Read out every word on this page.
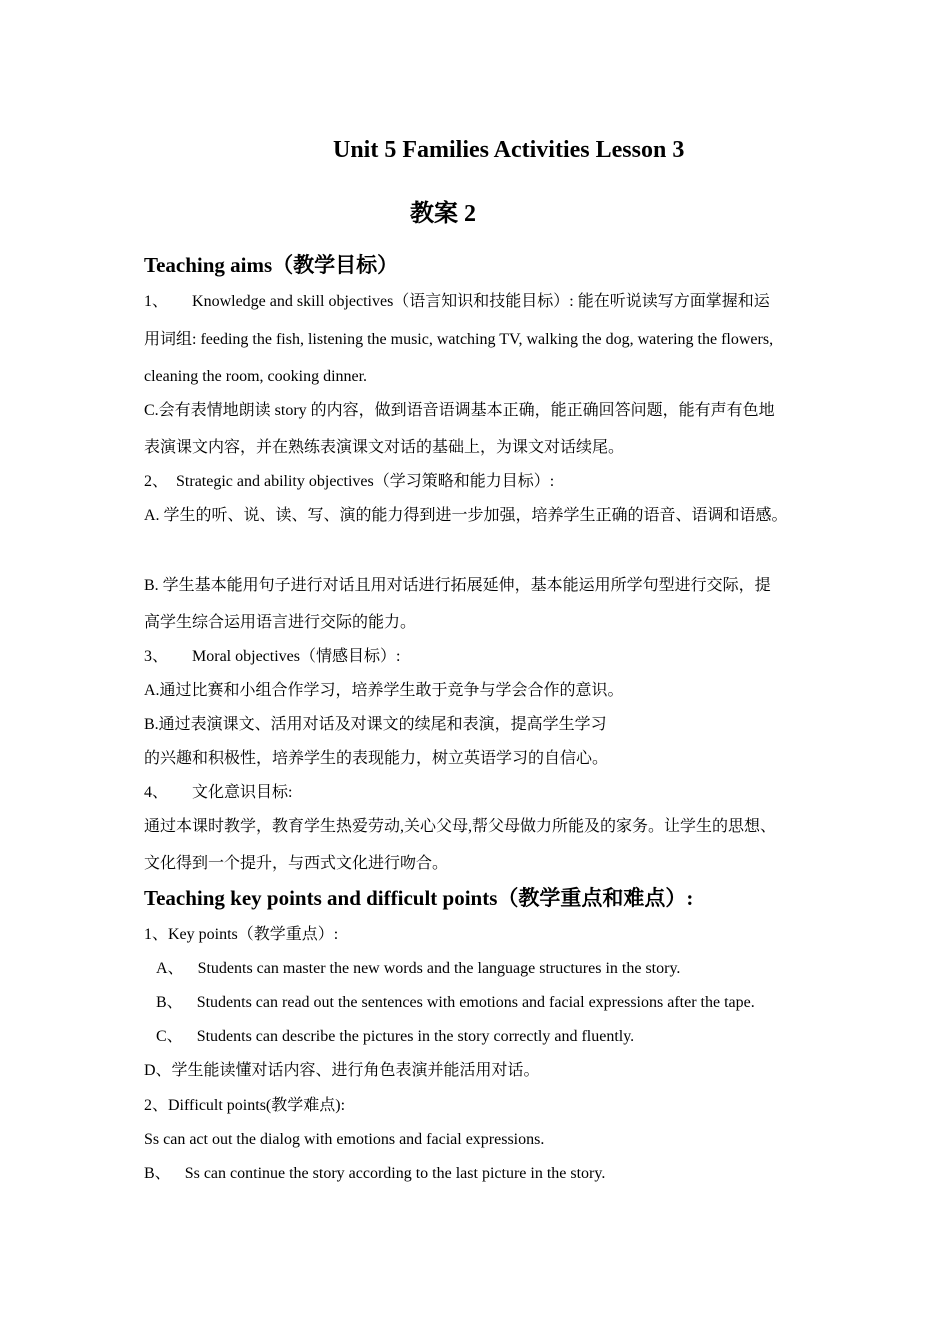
Unit 5 Families Activities Lesson 3
教案 2
Teaching aims（教学目标）
1、 Knowledge and skill objectives（语言知识和技能目标）: 能在听说读写方面掌握和运
用词组: feeding the fish, listening the music, watching TV, walking the dog, watering the flowers,
cleaning the room, cooking dinner.
C.会有表情地朗读 story 的内容，做到语音语调基本正确，能正确回答问题，能有声有色地
表演课文内容，并在熟练表演课文对话的基础上，为课文对话续尾。
2、 Strategic and ability objectives（学习策略和能力目标）:
A. 学生的听、说、读、写、演的能力得到进一步加强，培养学生正确的语音、语调和语感。
B. 学生基本能用句子进行对话且用对话进行拓展延伸，基本能运用所学句型进行交际，提
高学生综合运用语言进行交际的能力。
3、 Moral objectives（情感目标）:
A.通过比赛和小组合作学习，培养学生敢于竞争与学会合作的意识。
B.通过表演课文、活用对话及对课文的续尾和表演，提高学生学习
的兴趣和积极性，培养学生的表现能力，树立英语学习的自信心。
4、 文化意识目标:
通过本课时教学，教育学生热爱劳动,关心父母,帮父母做力所能及的家务。让学生的思想、
文化得到一个提升，与西式文化进行吻合。
Teaching key points and difficult points（教学重点和难点）:
1、Key points（教学重点）:
A、 Students can master the new words and the language structures in the story.
B、 Students can read out the sentences with emotions and facial expressions after the tape.
C、 Students can describe the pictures in the story correctly and fluently.
D、学生能读懂对话内容、进行角色表演并能活用对话。
2、Difficult points(教学难点):
Ss can act out the dialog with emotions and facial expressions.
B、 Ss can continue the story according to the last picture in the story.
